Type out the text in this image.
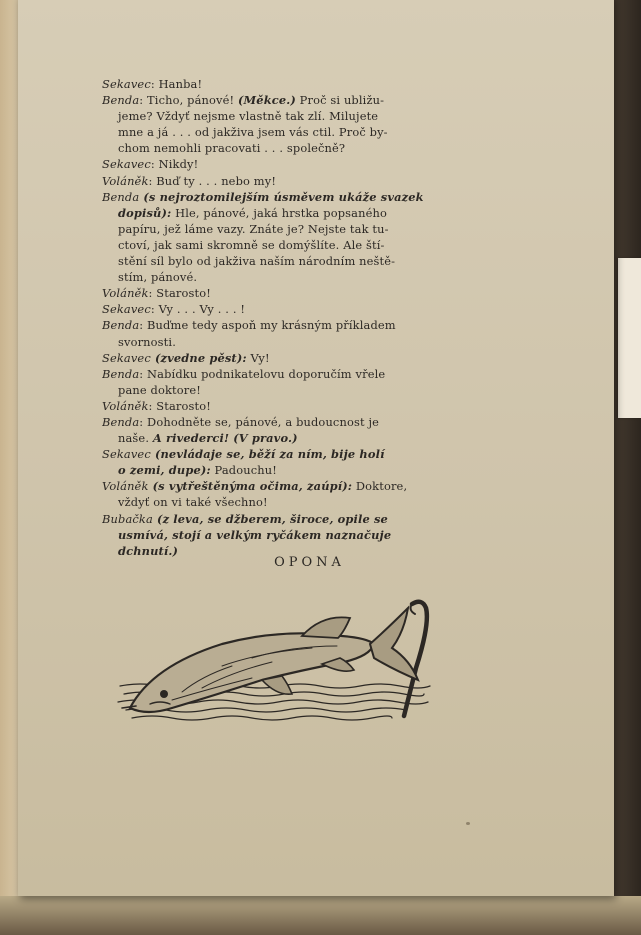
Sekavec: Hanba!
Benda: Ticho, pánové! (Měkce.) Proč si ubližu-
jeme? Vždyť nejsme vlastně tak zlí. Milujete
mne a já . . . od jakživa jsem vás ctil. Proč by-
chom nemohli pracovati . . . společně?
Sekavec: Nikdy!
Voláněk: Buď ty . . . nebo my!
Benda (s nejroztomilejším úsměvem ukáže svazek
dopisů): Hle, pánové, jaká hrstka popsaného
papíru, jež láme vazy. Znáte je? Nejste tak tu-
ctoví, jak sami skromně se domýšlíte. Ale ští-
stění síl bylo od jakživa naším národním neště-
stím, pánové.
Voláněk: Starosto!
Sekavec: Vy . . . Vy . . . !
Benda: Buďme tedy aspoň my krásným příkladem
svornosti.
Sekavec (zvedne pěst): Vy!
Benda: Nabídku podnikatelovu doporučím vřele
pane doktore!
Voláněk: Starosto!
Benda: Dohodněte se, pánové, a budoucnost je
naše. A rivederci! (V pravo.)
Sekavec (nevládaje se, běží za ním, bije holí
o zemi, dupe): Padouchu!
Voláněk (s vytřeštěnýma očima, zaúpí): Doktore,
vždyť on vi také všechno!
Bubačka (z leva, se džberem, široce, opile se
usmívá, stojí a velkým ryčákem naznačuje
dchnutí.)
OPONA
